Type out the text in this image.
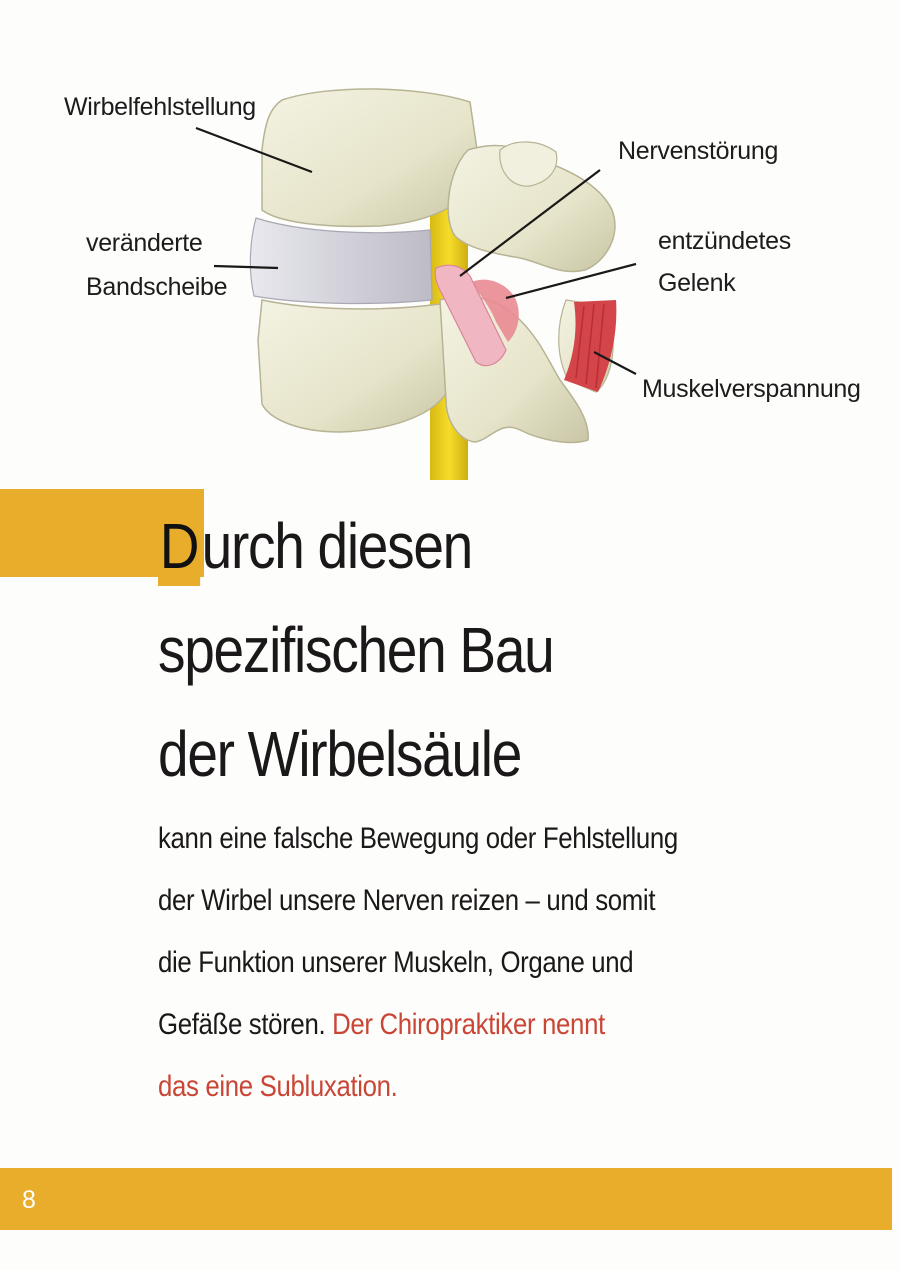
Wirbelfehlstellung
Nervenstörung
veränderte
Bandscheibe
entzündetes
Gelenk
Muskelverspannung
Durch diesen
spezifischen Bau
der Wirbelsäule
kann eine falsche Bewegung oder Fehlstellung
der Wirbel unsere Nerven reizen – und somit
die Funktion unserer Muskeln, Organe und
Gefäße stören. Der Chiropraktiker nennt
das eine Subluxation.
8
